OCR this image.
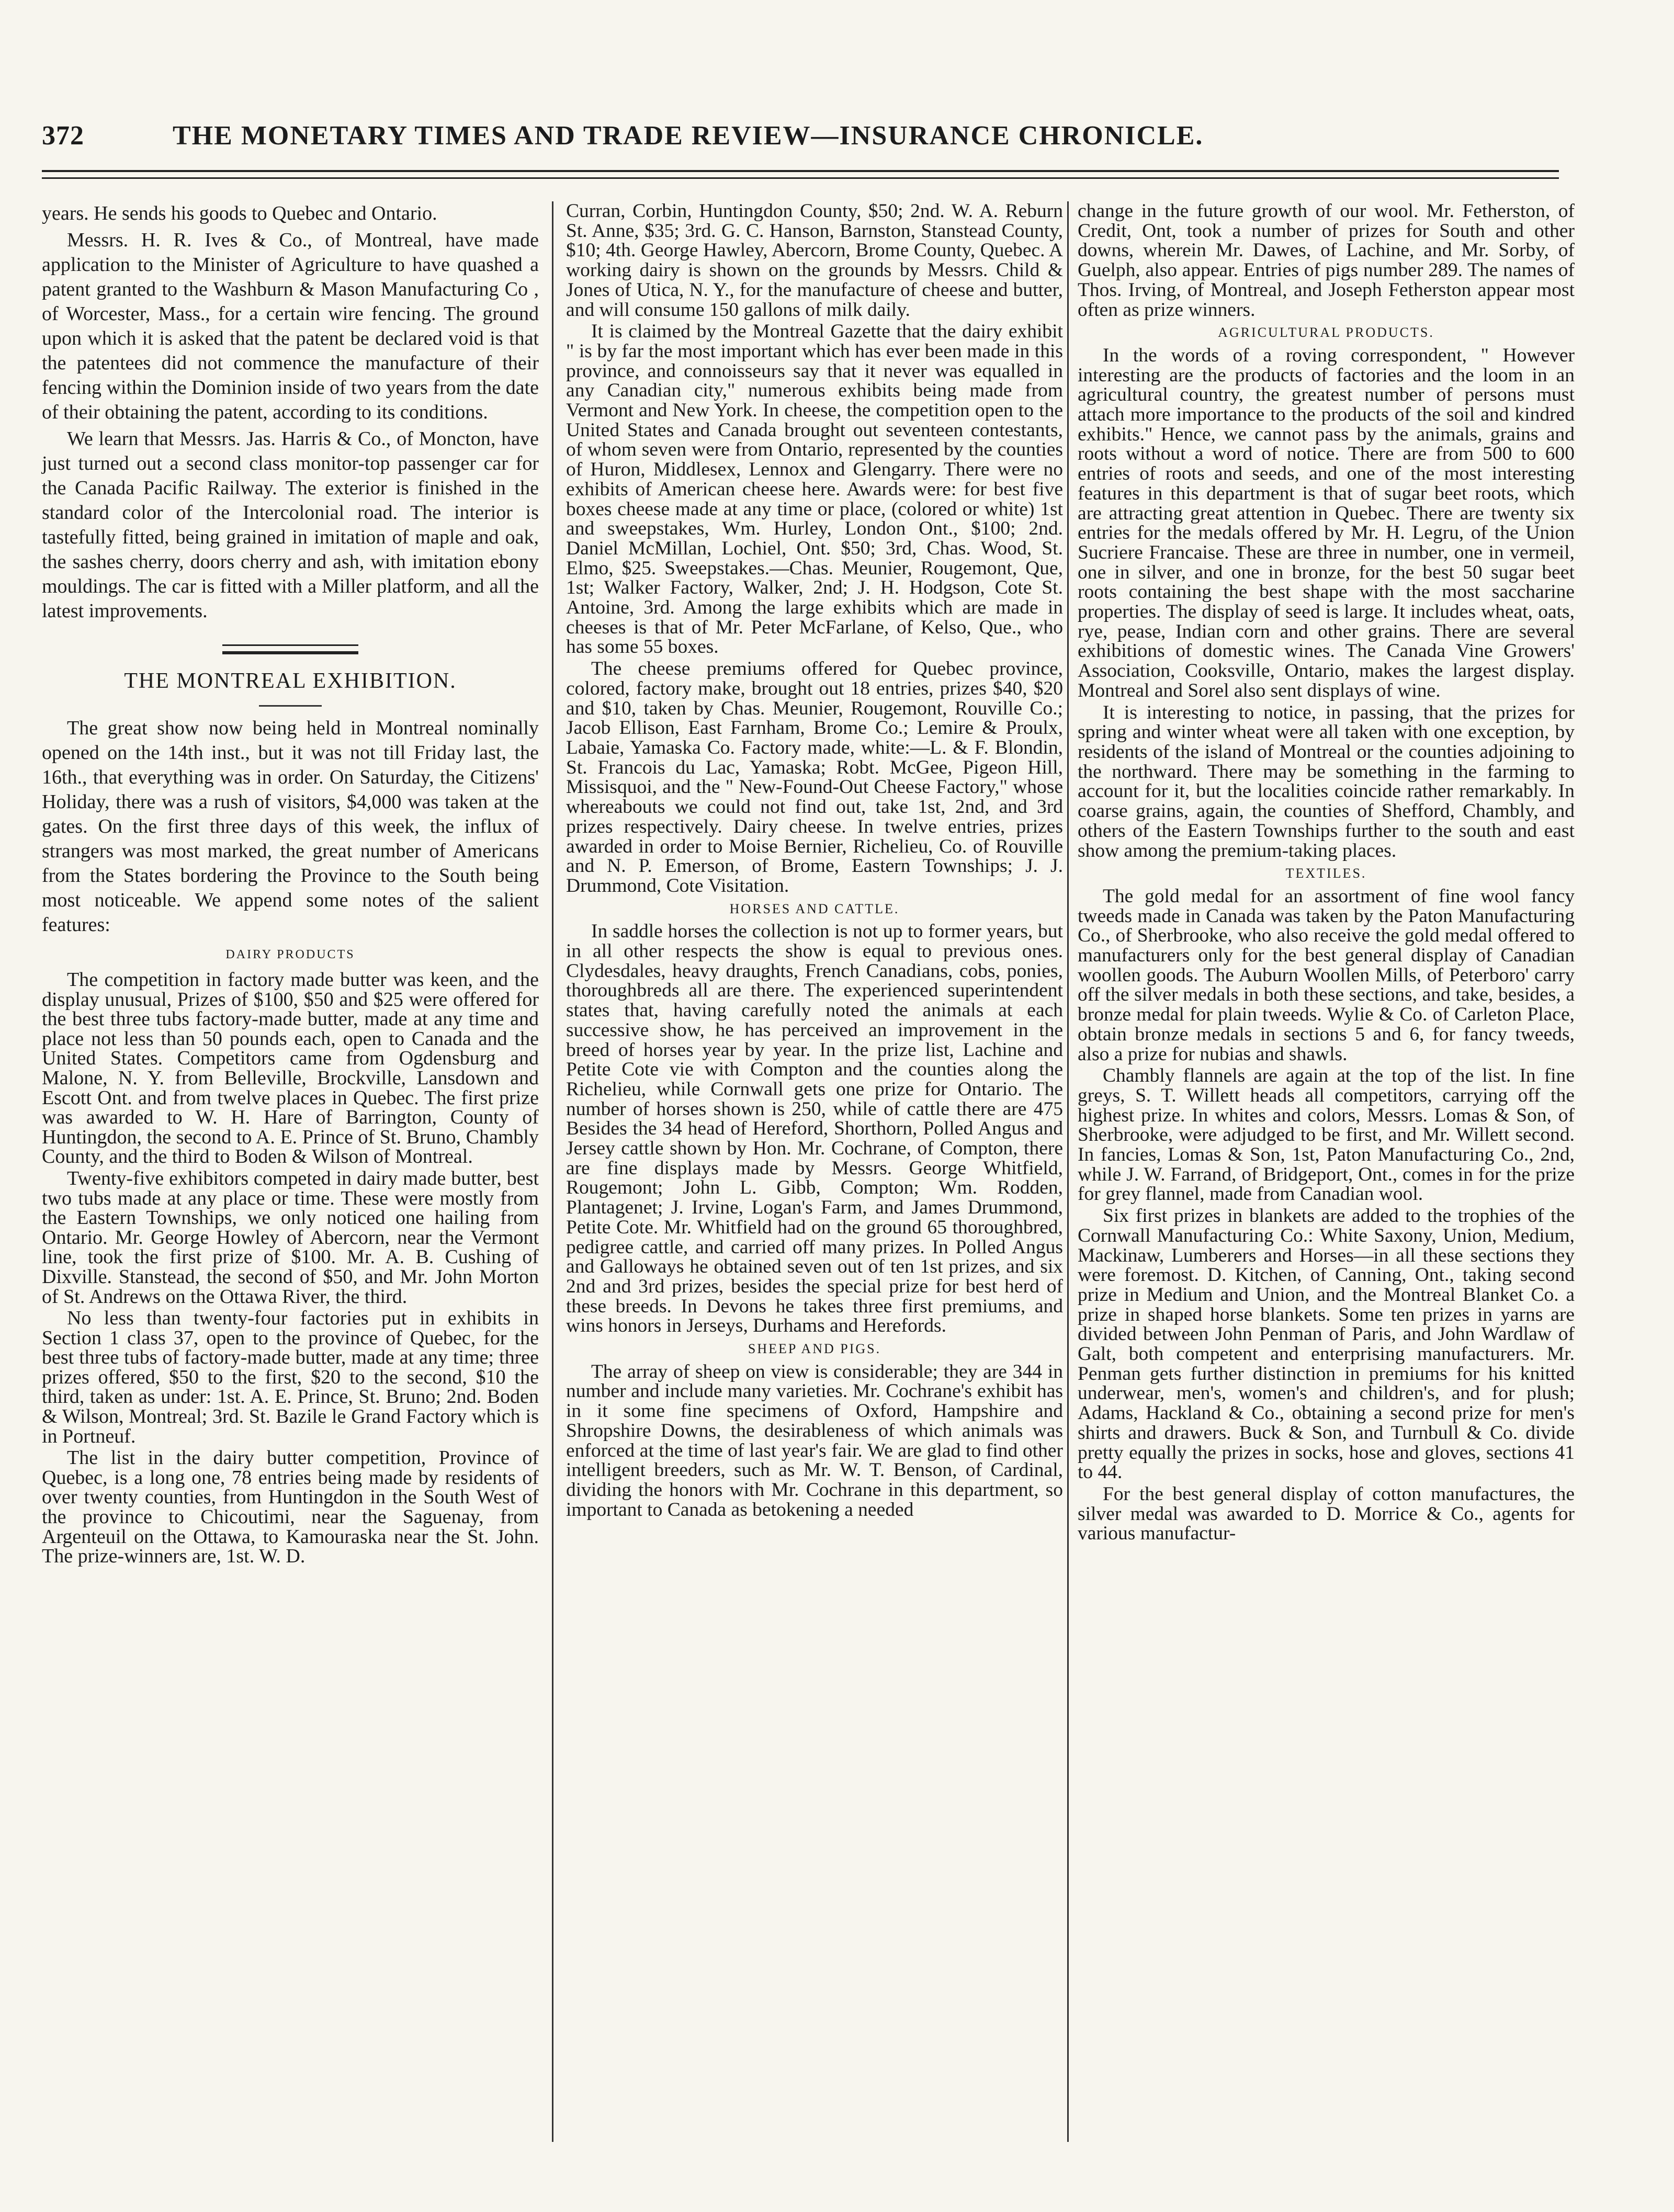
372	THE MONETARY TIMES AND TRADE REVIEW—INSURANCE CHRONICLE.

years. He sends his goods to Quebec and Ontario.

Messrs. H. R. Ives & Co., of Montreal, have made application to the Minister of Agriculture to have quashed a patent granted to the Washburn & Mason Manufacturing Co , of Worcester, Mass., for a certain wire fencing. The ground upon which it is asked that the patent be declared void is that the patentees did not commence the manufacture of their fencing within the Dominion inside of two years from the date of their obtaining the patent, according to its conditions.

We learn that Messrs. Jas. Harris & Co., of Moncton, have just turned out a second class monitor-top passenger car for the Canada Pacific Railway. The exterior is finished in the standard color of the Intercolonial road. The interior is tastefully fitted, being grained in imitation of maple and oak, the sashes cherry, doors cherry and ash, with imitation ebony mouldings. The car is fitted with a Miller platform, and all the latest improvements.

THE MONTREAL EXHIBITION.

The great show now being held in Montreal nominally opened on the 14th inst., but it was not till Friday last, the 16th., that everything was in order. On Saturday, the Citizens' Holiday, there was a rush of visitors, $4,000 was taken at the gates. On the first three days of this week, the influx of strangers was most marked, the great number of Americans from the States bordering the Province to the South being most noticeable. We append some notes of the salient features:

DAIRY PRODUCTS

The competition in factory made butter was keen, and the display unusual, Prizes of $100, $50 and $25 were offered for the best three tubs factory-made butter, made at any time and place not less than 50 pounds each, open to Canada and the United States. Competitors came from Ogdensburg and Malone, N. Y. from Belleville, Brockville, Lansdown and Escott Ont. and from twelve places in Quebec. The first prize was awarded to W. H. Hare of Barrington, County of Huntingdon, the second to A. E. Prince of St. Bruno, Chambly County, and the third to Boden & Wilson of Montreal.

Twenty-five exhibitors competed in dairy made butter, best two tubs made at any place or time. These were mostly from the Eastern Townships, we only noticed one hailing from Ontario. Mr. George Howley of Abercorn, near the Vermont line, took the first prize of $100. Mr. A. B. Cushing of Dixville. Stanstead, the second of $50, and Mr. John Morton of St. Andrews on the Ottawa River, the third.

No less than twenty-four factories put in exhibits in Section 1 class 37, open to the province of Quebec, for the best three tubs of factory-made butter, made at any time; three prizes offered, $50 to the first, $20 to the second, $10 the third, taken as under: 1st. A. E. Prince, St. Bruno; 2nd. Boden & Wilson, Montreal; 3rd. St. Bazile le Grand Factory which is in Portneuf.

The list in the dairy butter competition, Province of Quebec, is a long one, 78 entries being made by residents of over twenty counties, from Huntingdon in the South West of the province to Chicoutimi, near the Saguenay, from Argenteuil on the Ottawa, to Kamouraska near the St. John. The prize-winners are, 1st. W. D.

Curran, Corbin, Huntingdon County, $50; 2nd. W. A. Reburn St. Anne, $35; 3rd. G. C. Hanson, Barnston, Stanstead County, $10; 4th. George Hawley, Abercorn, Brome County, Quebec. A working dairy is shown on the grounds by Messrs. Child & Jones of Utica, N. Y., for the manufacture of cheese and butter, and will consume 150 gallons of milk daily.

It is claimed by the Montreal Gazette that the dairy exhibit " is by far the most important which has ever been made in this province, and connoisseurs say that it never was equalled in any Canadian city," numerous exhibits being made from Vermont and New York. In cheese, the competition open to the United States and Canada brought out seventeen contestants, of whom seven were from Ontario, represented by the counties of Huron, Middlesex, Lennox and Glengarry. There were no exhibits of American cheese here. Awards were: for best five boxes cheese made at any time or place, (colored or white) 1st and sweepstakes, Wm. Hurley, London Ont., $100; 2nd. Daniel McMillan, Lochiel, Ont. $50; 3rd, Chas. Wood, St. Elmo, $25. Sweepstakes.—Chas. Meunier, Rougemont, Que, 1st; Walker Factory, Walker, 2nd; J. H. Hodgson, Cote St. Antoine, 3rd. Among the large exhibits which are made in cheeses is that of Mr. Peter McFarlane, of Kelso, Que., who has some 55 boxes.

The cheese premiums offered for Quebec province, colored, factory make, brought out 18 entries, prizes $40, $20 and $10, taken by Chas. Meunier, Rougemont, Rouville Co.; Jacob Ellison, East Farnham, Brome Co.; Lemire & Proulx, Labaie, Yamaska Co. Factory made, white:—L. & F. Blondin, St. Francois du Lac, Yamaska; Robt. McGee, Pigeon Hill, Missisquoi, and the " New-Found-Out Cheese Factory," whose whereabouts we could not find out, take 1st, 2nd, and 3rd prizes respectively. Dairy cheese. In twelve entries, prizes awarded in order to Moise Bernier, Richelieu, Co. of Rouville and N. P. Emerson, of Brome, Eastern Townships; J. J. Drummond, Cote Visitation.

HORSES AND CATTLE.

In saddle horses the collection is not up to former years, but in all other respects the show is equal to previous ones. Clydesdales, heavy draughts, French Canadians, cobs, ponies, thoroughbreds all are there. The experienced superintendent states that, having carefully noted the animals at each successive show, he has perceived an improvement in the breed of horses year by year. In the prize list, Lachine and Petite Cote vie with Compton and the counties along the Richelieu, while Cornwall gets one prize for Ontario. The number of horses shown is 250, while of cattle there are 475 Besides the 34 head of Hereford, Shorthorn, Polled Angus and Jersey cattle shown by Hon. Mr. Cochrane, of Compton, there are fine displays made by Messrs. George Whitfield, Rougemont; John L. Gibb, Compton; Wm. Rodden, Plantagenet; J. Irvine, Logan's Farm, and James Drummond, Petite Cote. Mr. Whitfield had on the ground 65 thoroughbred, pedigree cattle, and carried off many prizes. In Polled Angus and Galloways he obtained seven out of ten 1st prizes, and six 2nd and 3rd prizes, besides the special prize for best herd of these breeds. In Devons he takes three first premiums, and wins honors in Jerseys, Durhams and Herefords.

SHEEP AND PIGS.

The array of sheep on view is considerable; they are 344 in number and include many varieties. Mr. Cochrane's exhibit has in it some fine specimens of Oxford, Hampshire and Shropshire Downs, the desirableness of which animals was enforced at the time of last year's fair. We are glad to find other intelligent breeders, such as Mr. W. T. Benson, of Cardinal, dividing the honors with Mr. Cochrane in this department, so important to Canada as betokening a needed

change in the future growth of our wool. Mr. Fetherston, of Credit, Ont, took a number of prizes for South and other downs, wherein Mr. Dawes, of Lachine, and Mr. Sorby, of Guelph, also appear. Entries of pigs number 289. The names of Thos. Irving, of Montreal, and Joseph Fetherston appear most often as prize winners.

AGRICULTURAL PRODUCTS.

In the words of a roving correspondent, " However interesting are the products of factories and the loom in an agricultural country, the greatest number of persons must attach more importance to the products of the soil and kindred exhibits." Hence, we cannot pass by the animals, grains and roots without a word of notice. There are from 500 to 600 entries of roots and seeds, and one of the most interesting features in this department is that of sugar beet roots, which are attracting great attention in Quebec. There are twenty six entries for the medals offered by Mr. H. Legru, of the Union Sucriere Francaise. These are three in number, one in vermeil, one in silver, and one in bronze, for the best 50 sugar beet roots containing the best shape with the most saccharine properties. The display of seed is large. It includes wheat, oats, rye, pease, Indian corn and other grains. There are several exhibitions of domestic wines. The Canada Vine Growers' Association, Cooksville, Ontario, makes the largest display. Montreal and Sorel also sent displays of wine.

It is interesting to notice, in passing, that the prizes for spring and winter wheat were all taken with one exception, by residents of the island of Montreal or the counties adjoining to the northward. There may be something in the farming to account for it, but the localities coincide rather remarkably. In coarse grains, again, the counties of Shefford, Chambly, and others of the Eastern Townships further to the south and east show among the premium-taking places.

TEXTILES.

The gold medal for an assortment of fine wool fancy tweeds made in Canada was taken by the Paton Manufacturing Co., of Sherbrooke, who also receive the gold medal offered to manufacturers only for the best general display of Canadian woollen goods. The Auburn Woollen Mills, of Peterboro' carry off the silver medals in both these sections, and take, besides, a bronze medal for plain tweeds. Wylie & Co. of Carleton Place, obtain bronze medals in sections 5 and 6, for fancy tweeds, also a prize for nubias and shawls.

Chambly flannels are again at the top of the list. In fine greys, S. T. Willett heads all competitors, carrying off the highest prize. In whites and colors, Messrs. Lomas & Son, of Sherbrooke, were adjudged to be first, and Mr. Willett second. In fancies, Lomas & Son, 1st, Paton Manufacturing Co., 2nd, while J. W. Farrand, of Bridgeport, Ont., comes in for the prize for grey flannel, made from Canadian wool.

Six first prizes in blankets are added to the trophies of the Cornwall Manufacturing Co.: White Saxony, Union, Medium, Mackinaw, Lumberers and Horses—in all these sections they were foremost. D. Kitchen, of Canning, Ont., taking second prize in Medium and Union, and the Montreal Blanket Co. a prize in shaped horse blankets. Some ten prizes in yarns are divided between John Penman of Paris, and John Wardlaw of Galt, both competent and enterprising manufacturers. Mr. Penman gets further distinction in premiums for his knitted underwear, men's, women's and children's, and for plush; Adams, Hackland & Co., obtaining a second prize for men's shirts and drawers. Buck & Son, and Turnbull & Co. divide pretty equally the prizes in socks, hose and gloves, sections 41 to 44.

For the best general display of cotton manufactures, the silver medal was awarded to D. Morrice & Co., agents for various manufactur-
